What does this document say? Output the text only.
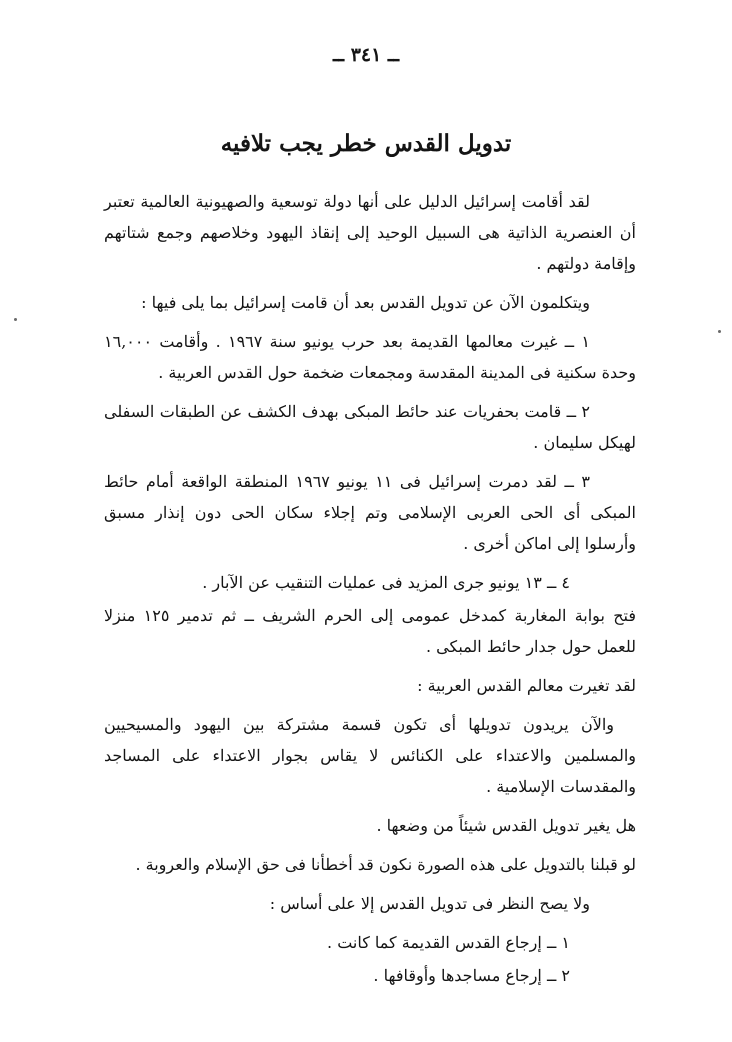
ــ ٣٤١ ــ
تدويل القدس خطر يجب تلافيه

لقد أقامت إسرائيل الدليل على أنها دولة توسعية والصهيونية العالمية تعتبر أن العنصرية الذاتية هى السبيل الوحيد إلى إنقاذ اليهود وخلاصهم وجمع شتاتهم وإقامة دولتهم .

ويتكلمون الآن عن تدويل القدس بعد أن قامت إسرائيل بما يلى فيها :

١ ــ غيرت معالمها القديمة بعد حرب يونيو سنة ١٩٦٧ . وأقامت ١٦,٠٠٠ وحدة سكنية فى المدينة المقدسة ومجمعات ضخمة حول القدس العربية .

٢ ــ قامت بحفريات عند حائط المبكى بهدف الكشف عن الطبقات السفلى لهيكل سليمان .

٣ ــ لقد دمرت إسرائيل فى ١١ يونيو ١٩٦٧ المنطقة الواقعة أمام حائط المبكى أى الحى العربى الإسلامى وتم إجلاء سكان الحى دون إنذار مسبق وأرسلوا إلى اماكن أخرى .

٤ ــ ١٣ يونيو جرى المزيد فى عمليات التنقيب عن الآبار .

فتح بوابة المغاربة كمدخل عمومى إلى الحرم الشريف ــ ثم تدمير ١٢٥ منزلا للعمل حول جدار حائط المبكى .

لقد تغيرت معالم القدس العربية :

والآن يريدون تدويلها أى تكون قسمة مشتركة بين اليهود والمسيحيين والمسلمين والاعتداء على الكنائس لا يقاس بجوار الاعتداء على المساجد والمقدسات الإسلامية .

هل يغير تدويل القدس شيئاً من وضعها .

لو قبلنا بالتدويل على هذه الصورة نكون قد أخطأنا فى حق الإسلام والعروبة .

ولا يصح النظر فى تدويل القدس إلا على أساس :

١ ــ إرجاع القدس القديمة كما كانت .

٢ ــ إرجاع مساجدها وأوقافها .
